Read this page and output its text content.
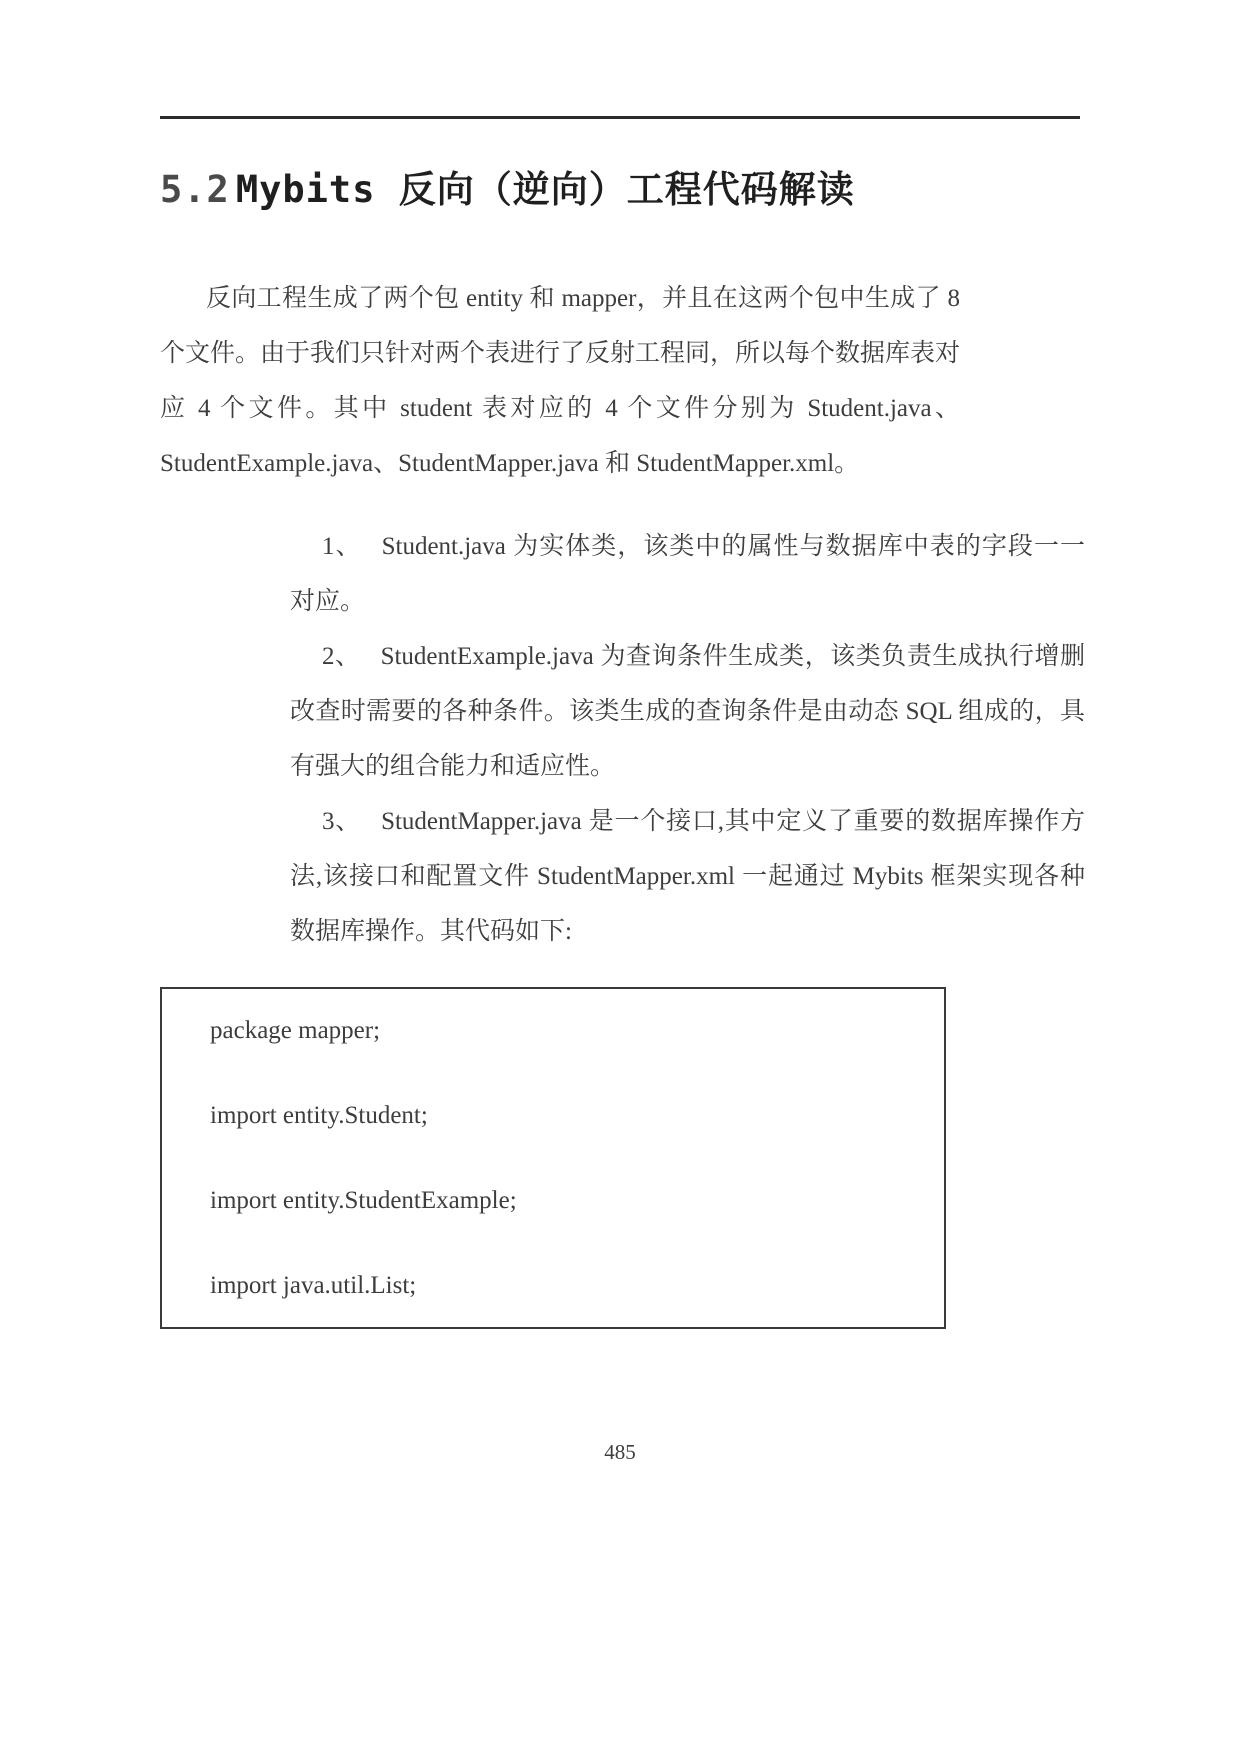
5.2 Mybits 反向（逆向）工程代码解读

反向工程生成了两个包 entity 和 mapper，并且在这两个包中生成了 8 个文件。由于我们只针对两个表进行了反射工程同，所以每个数据库表对应 4 个文件。其中 student 表对应的 4 个文件分别为 Student.java、StudentExample.java、StudentMapper.java 和 StudentMapper.xml。

1、 Student.java 为实体类，该类中的属性与数据库中表的字段一一对应。

2、 StudentExample.java 为查询条件生成类，该类负责生成执行增删改查时需要的各种条件。该类生成的查询条件是由动态 SQL 组成的，具有强大的组合能力和适应性。

3、 StudentMapper.java 是一个接口,其中定义了重要的数据库操作方法,该接口和配置文件 StudentMapper.xml 一起通过 Mybits 框架实现各种数据库操作。其代码如下:

package mapper;
import entity.Student;
import entity.StudentExample;
import java.util.List;
485
